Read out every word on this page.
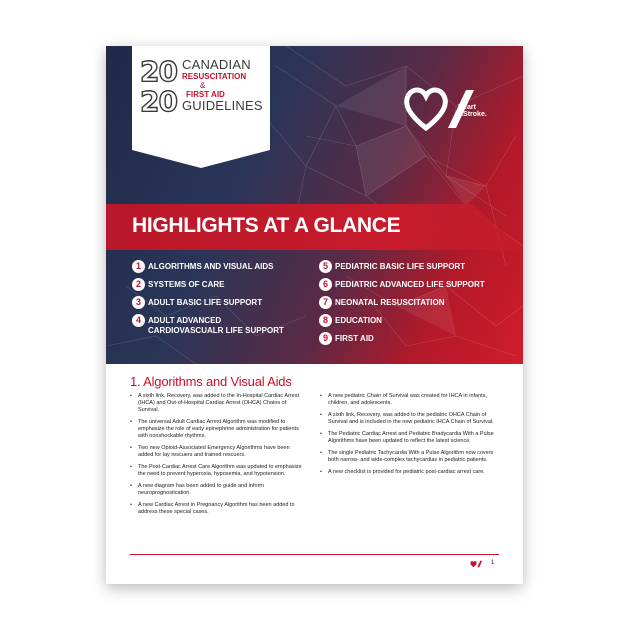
20
20
CANADIAN
RESUSCITATION
&
FIRST AID
GUIDELINES	Heart
&Stroke.
HIGHLIGHTS AT A GLANCE
1 ALGORITHMS AND VISUAL AIDS
2 SYSTEMS OF CARE
3 ADULT BASIC LIFE SUPPORT
4 ADULT ADVANCED CARDIOVASCUALR LIFE SUPPORT
5 PEDIATRIC BASIC LIFE SUPPORT
6 PEDIATRIC ADVANCED LIFE SUPPORT
7 NEONATAL RESUSCITATION
8 EDUCATION
9 FIRST AID
1. Algorithms and Visual Aids
• A sixth link, Recovery, was added to the In-Hospital Cardiac Arrest (IHCA) and Out-of-Hospital Cardiac Arrest (OHCA) Chains of Survival.
• The universal Adult Cardiac Arrest Algorithm was modified to emphasize the role of early epinephrine administration for patients with nonshockable rhythms.
• Two new Opioid-Associated Emergency Algorithms have been added for lay rescuers and trained rescuers.
• The Post-Cardiac Arrest Care Algorithm was updated to emphasize the need to prevent hyperoxia, hypoxemia, and hypotension.
• A new diagram has been added to guide and inform neuroprognostication.
• A new Cardiac Arrest in Pregnancy Algorithm has been added to address these special cases.
• A new pediatric Chain of Survival was created for IHCA in infants, children, and adolescents.
• A sixth link, Recovery, was added to the pediatric OHCA Chain of Survival and is included in the new pediatric IHCA Chain of Survival.
• The Pediatric Cardiac Arrest and Pediatric Bradycardia With a Pulse Algorithms have been updated to reflect the latest science.
• The single Pediatric Tachycardia With a Pulse Algorithm now covers both narrow- and wide-complex tachycardias in pediatric patients.
• A new checklist is provided for pediatric post-cardiac arrest care.
1
